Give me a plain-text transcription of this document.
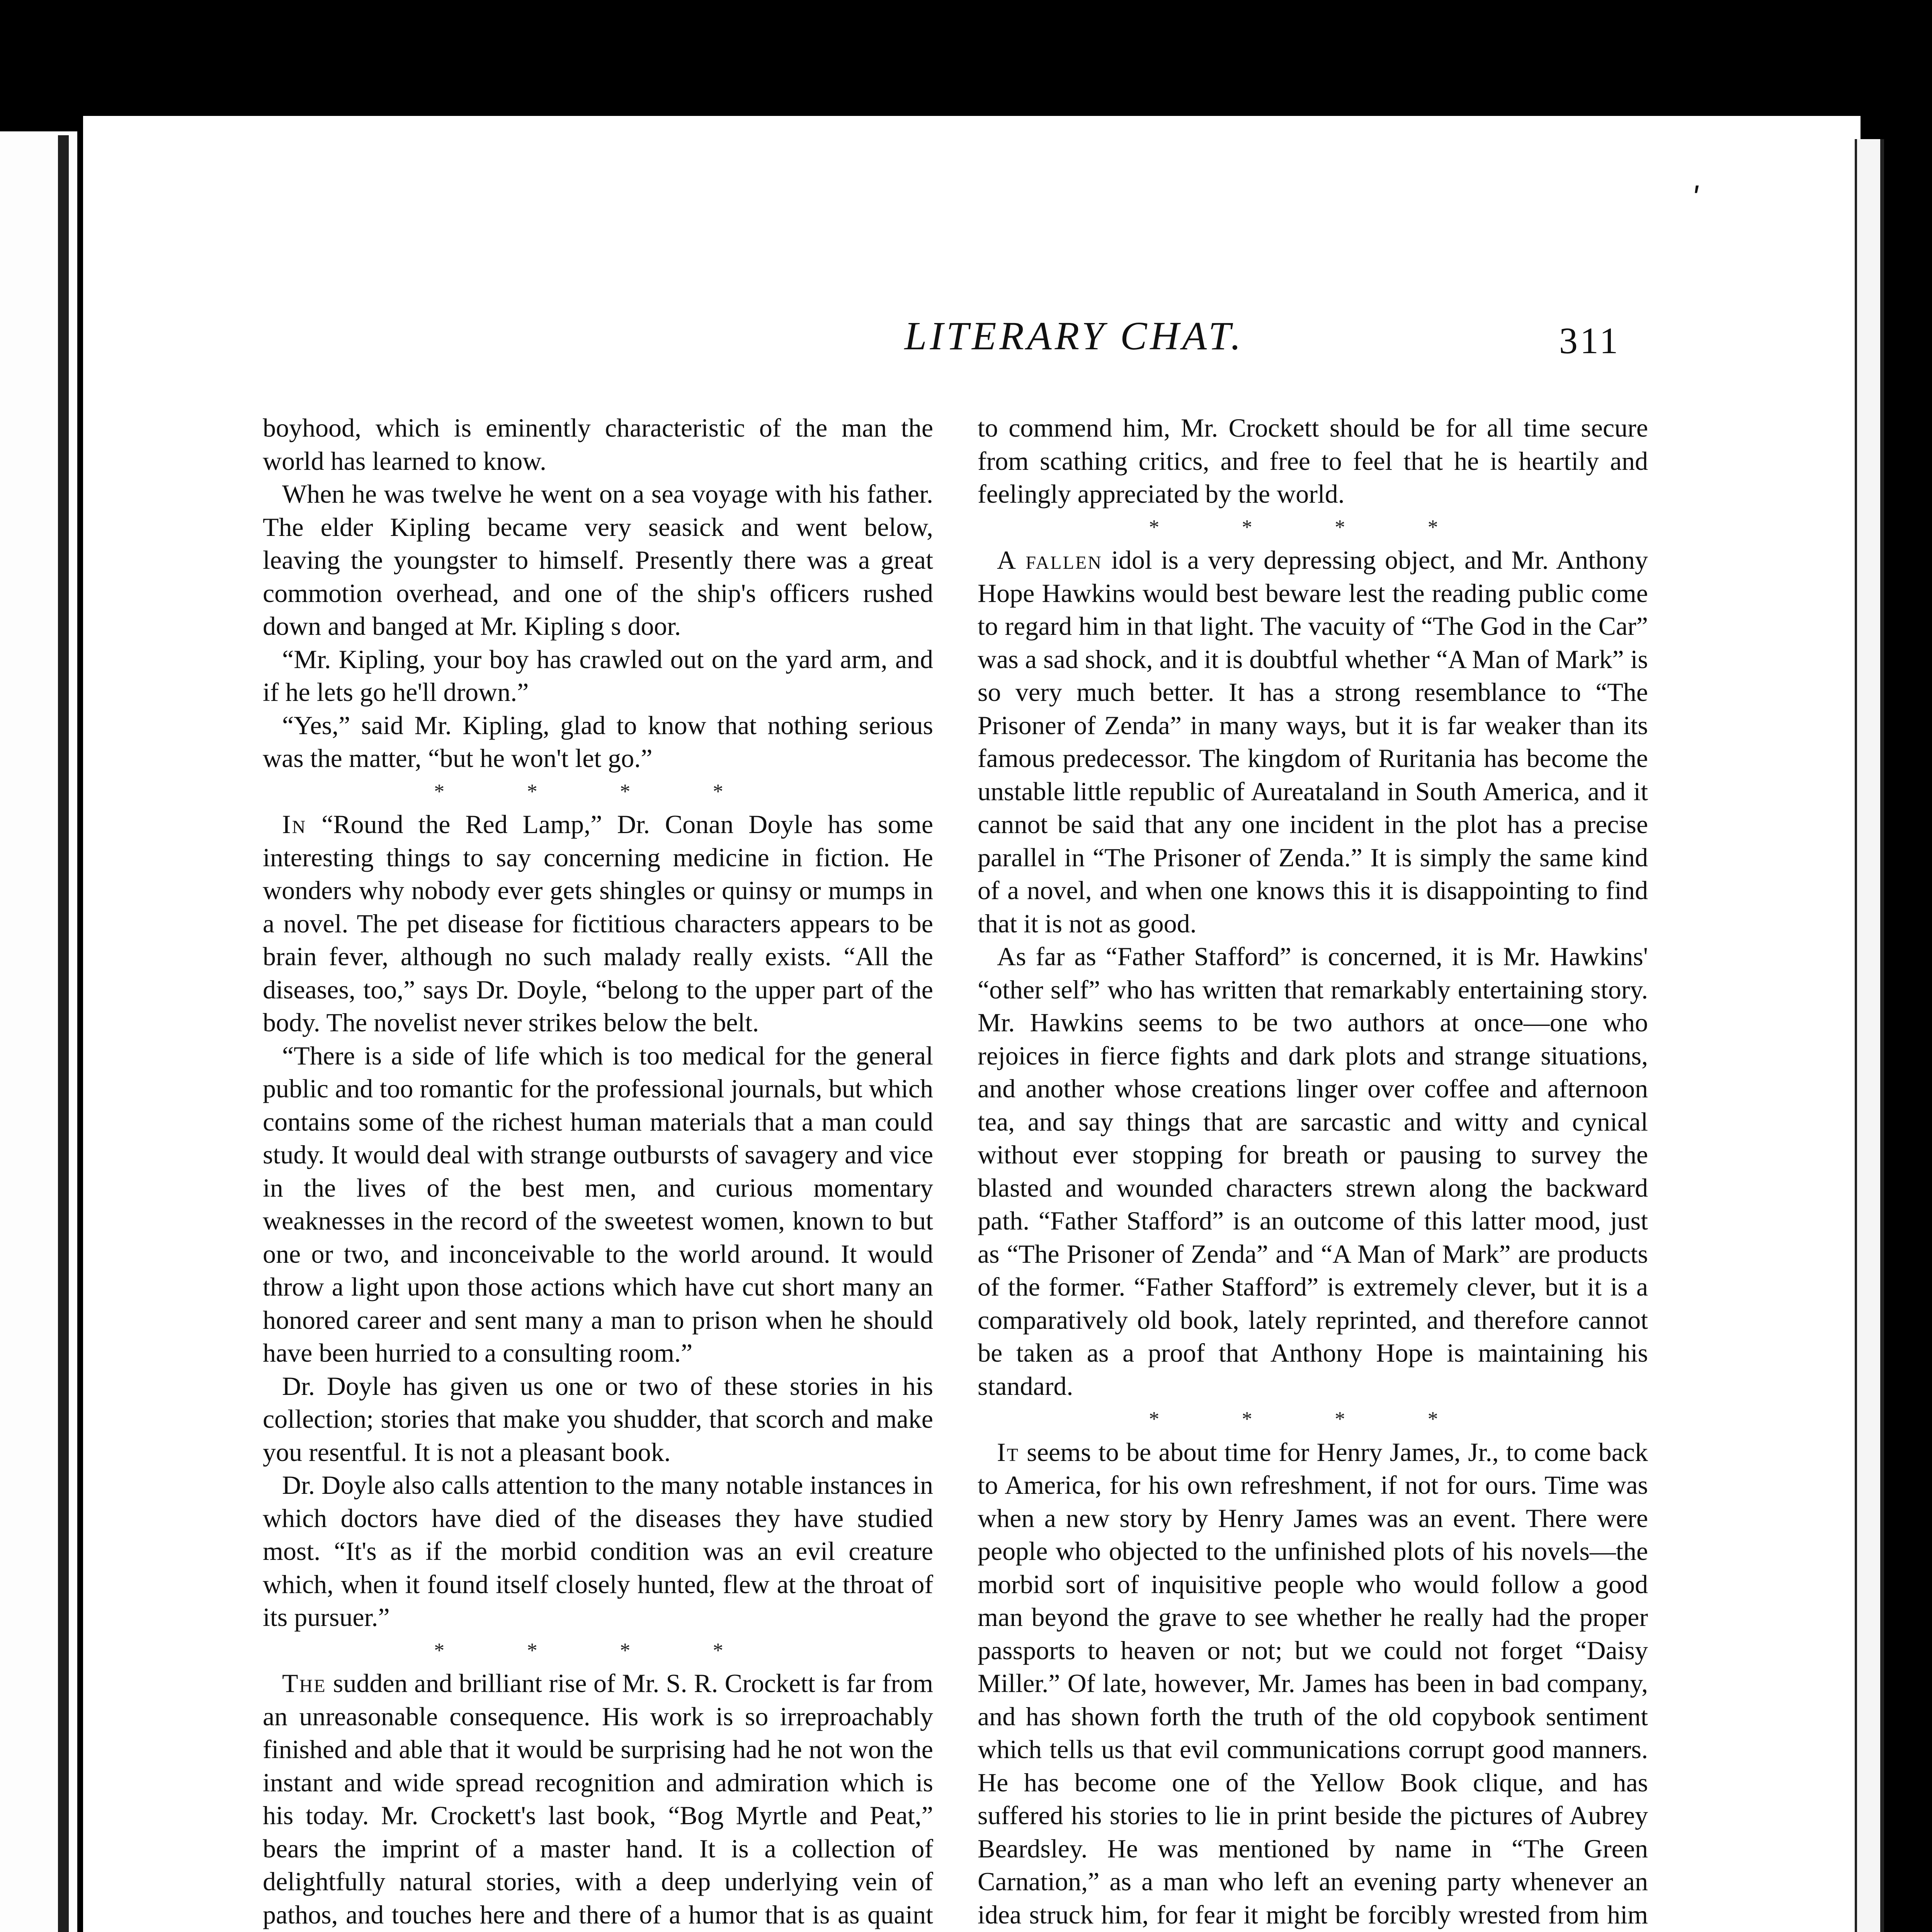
ʹ
LITERARY CHAT.	311

boyhood, which is eminently characteristic of the man the world has learned to know.

When he was twelve he went on a sea voyage with his father. The elder Kipling became very seasick and went below, leaving the youngster to himself. Presently there was a great commotion overhead, and one of the ship's officers rushed down and banged at Mr. Kipling s door.

“Mr. Kipling, your boy has crawled out on the yard arm, and if he lets go he'll drown.”

“Yes,” said Mr. Kipling, glad to know that nothing serious was the matter, “but he won't let go.”

* * * *

In “Round the Red Lamp,” Dr. Conan Doyle has some interesting things to say concerning medicine in fiction. He wonders why nobody ever gets shingles or quinsy or mumps in a novel. The pet disease for fictitious characters appears to be brain fever, although no such malady really exists. “All the diseases, too,” says Dr. Doyle, “belong to the upper part of the body. The novelist never strikes below the belt.

“There is a side of life which is too medical for the general public and too romantic for the professional journals, but which contains some of the richest human materials that a man could study. It would deal with strange outbursts of savagery and vice in the lives of the best men, and curious momentary weaknesses in the record of the sweetest women, known to but one or two, and inconceivable to the world around. It would throw a light upon those actions which have cut short many an honored career and sent many a man to prison when he should have been hurried to a consulting room.”

Dr. Doyle has given us one or two of these stories in his collection; stories that make you shudder, that scorch and make you resentful. It is not a pleasant book.

Dr. Doyle also calls attention to the many notable instances in which doctors have died of the diseases they have studied most. “It's as if the morbid condition was an evil creature which, when it found itself closely hunted, flew at the throat of its pursuer.”

* * * *

The sudden and brilliant rise of Mr. S. R. Crockett is far from an unreasonable consequence. His work is so irreproachably finished and able that it would be surprising had he not won the instant and wide spread recognition and admiration which is his today. Mr. Crockett's last book, “Bog Myrtle and Peat,” bears the imprint of a master hand. It is a collection of delightfully natural stories, with a deep underlying vein of pathos, and touches here and there of a humor that is as quaint

to commend him, Mr. Crockett should be for all time secure from scathing critics, and free to feel that he is heartily and feelingly appreciated by the world.

* * * *

A fallen idol is a very depressing object, and Mr. Anthony Hope Hawkins would best beware lest the reading public come to regard him in that light. The vacuity of “The God in the Car” was a sad shock, and it is doubtful whether “A Man of Mark” is so very much better. It has a strong resemblance to “The Prisoner of Zenda” in many ways, but it is far weaker than its famous predecessor. The kingdom of Ruritania has become the unstable little republic of Aureataland in South America, and it cannot be said that any one incident in the plot has a precise parallel in “The Prisoner of Zenda.” It is simply the same kind of a novel, and when one knows this it is disappointing to find that it is not as good.

As far as “Father Stafford” is concerned, it is Mr. Hawkins' “other self” who has written that remarkably entertaining story. Mr. Hawkins seems to be two authors at once—one who rejoices in fierce fights and dark plots and strange situations, and another whose creations linger over coffee and afternoon tea, and say things that are sarcastic and witty and cynical without ever stopping for breath or pausing to survey the blasted and wounded characters strewn along the backward path. “Father Stafford” is an outcome of this latter mood, just as “The Prisoner of Zenda” and “A Man of Mark” are products of the former. “Father Stafford” is extremely clever, but it is a comparatively old book, lately reprinted, and therefore cannot be taken as a proof that Anthony Hope is maintaining his standard.

* * * *

It seems to be about time for Henry James, Jr., to come back to America, for his own refreshment, if not for ours. Time was when a new story by Henry James was an event. There were people who objected to the unfinished plots of his novels—the morbid sort of inquisitive people who would follow a good man beyond the grave to see whether he really had the proper passports to heaven or not; but we could not forget “Daisy Miller.” Of late, however, Mr. James has been in bad company, and has shown forth the truth of the old copybook sentiment which tells us that evil communications corrupt good manners. He has become one of the Yellow Book clique, and has suffered his stories to lie in print beside the pictures of Aubrey Beardsley. He was mentioned by name in “The Green Carnation,” as a man who left an evening party whenever an idea struck him, for fear it might be forcibly wrested from him
